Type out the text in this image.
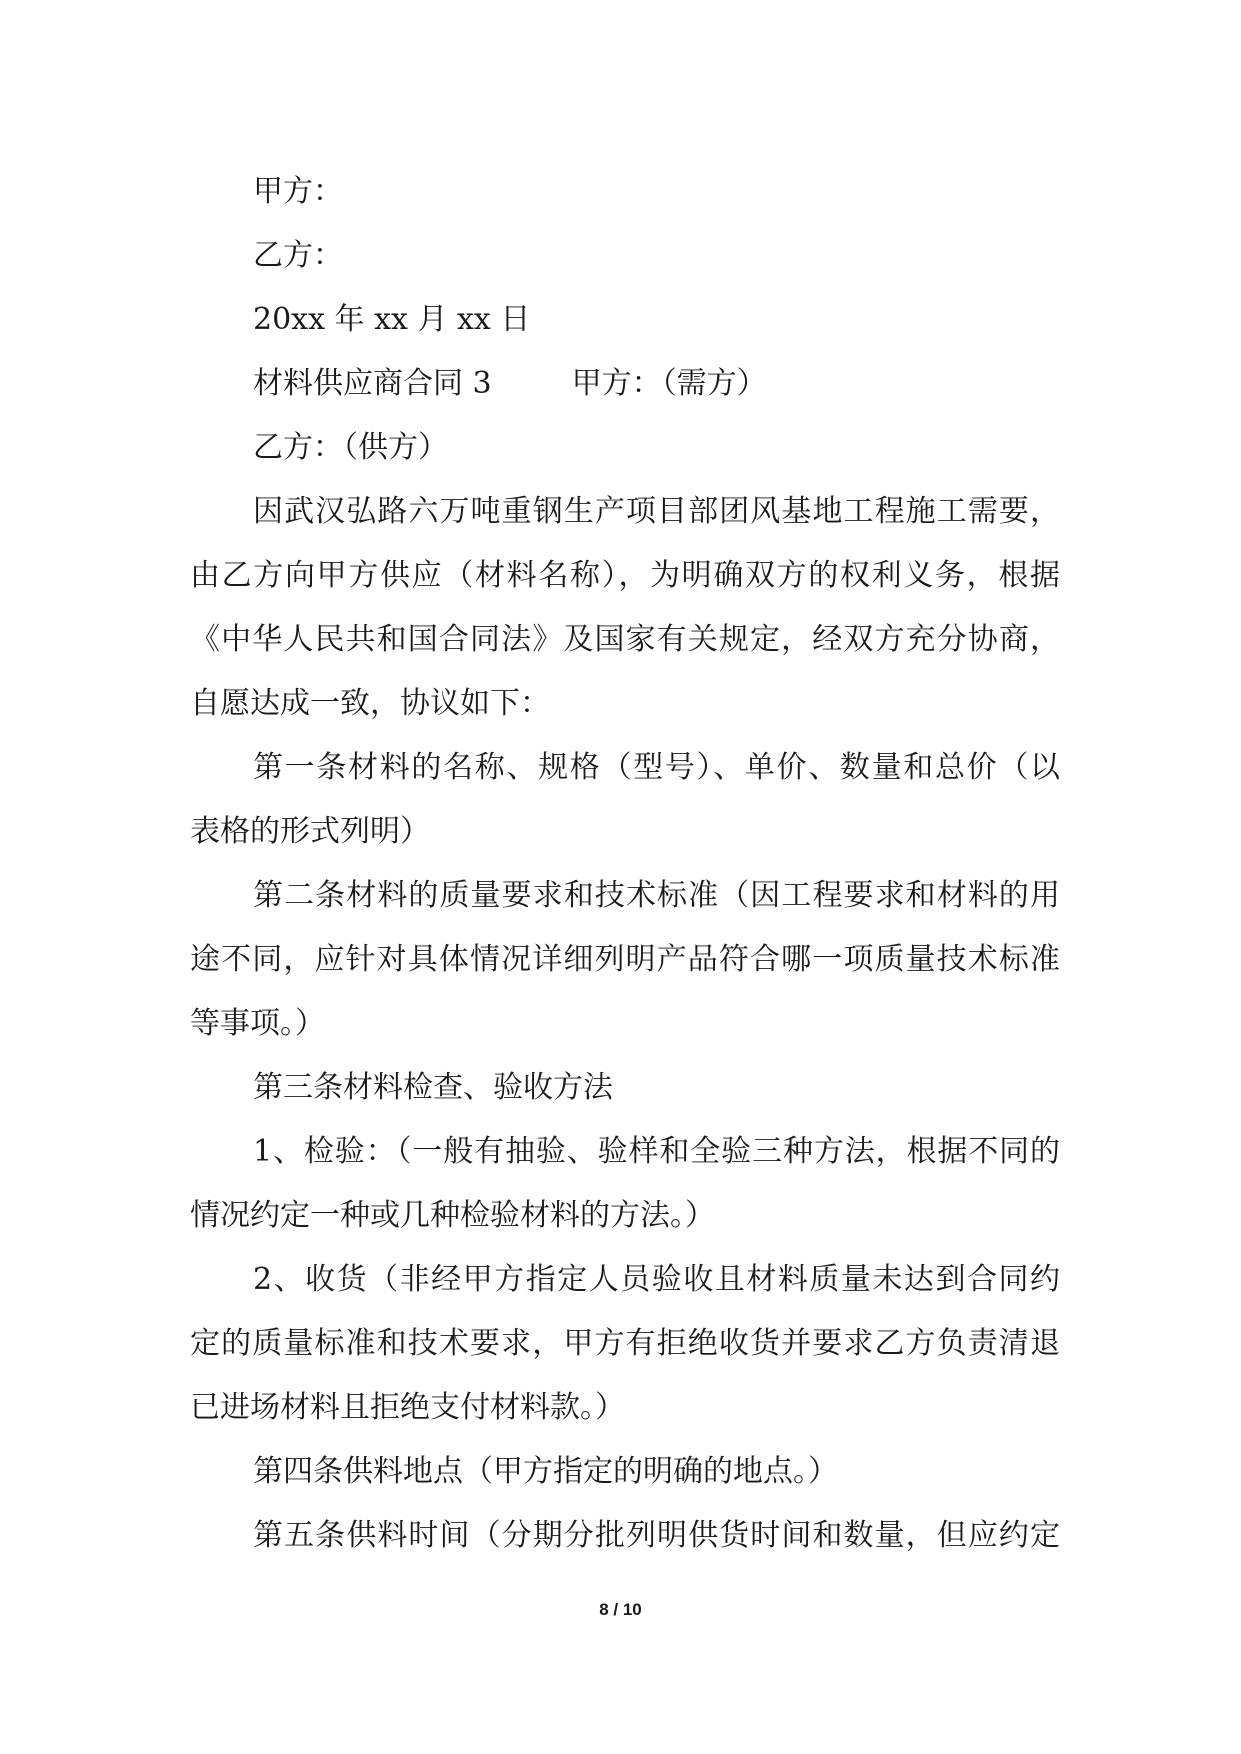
甲方：
乙方：
20xx 年 xx 月 xx 日
材料供应商合同 3	甲方：（需方）
乙方：（供方）
因武汉弘路六万吨重钢生产项目部团风基地工程施工需要，
由乙方向甲方供应（材料名称），为明确双方的权利义务，根据
《中华人民共和国合同法》及国家有关规定，经双方充分协商，
自愿达成一致，协议如下：
第一条材料的名称、规格（型号）、单价、数量和总价（以
表格的形式列明）
第二条材料的质量要求和技术标准（因工程要求和材料的用
途不同，应针对具体情况详细列明产品符合哪一项质量技术标准
等事项。）
第三条材料检查、验收方法
1、检验：（一般有抽验、验样和全验三种方法，根据不同的
情况约定一种或几种检验材料的方法。）
2、收货（非经甲方指定人员验收且材料质量未达到合同约
定的质量标准和技术要求，甲方有拒绝收货并要求乙方负责清退
已进场材料且拒绝支付材料款。）
第四条供料地点（甲方指定的明确的地点。）
第五条供料时间（分期分批列明供货时间和数量，但应约定
8 / 10
